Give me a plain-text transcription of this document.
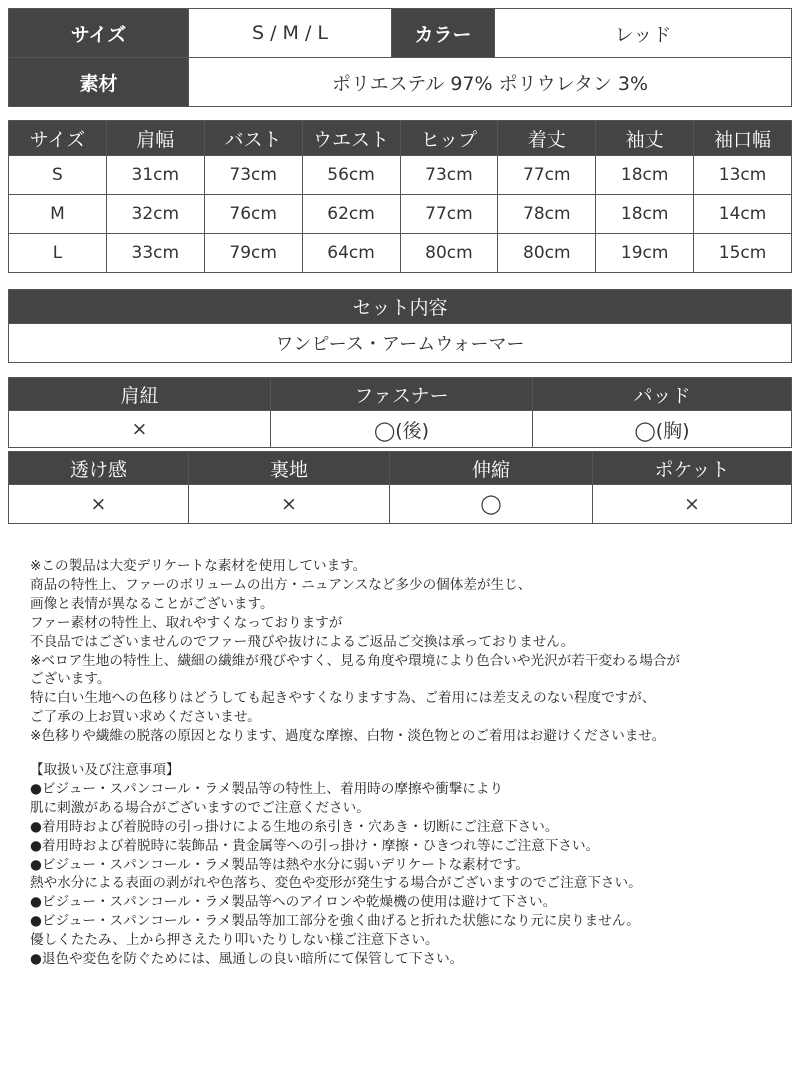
サイズ	S / M / L	カラー	レッド
素材	ポリエステル 97% ポリウレタン 3%		
サイズ	肩幅	バスト	ウエスト	ヒップ	着丈	袖丈	袖口幅
S	31cm	73cm	56cm	73cm	77cm	18cm	13cm
M	32cm	76cm	62cm	77cm	78cm	18cm	14cm
L	33cm	79cm	64cm	80cm	80cm	19cm	15cm
セット内容
ワンピース・アームウォーマー
肩紐	ファスナー	パッド
×	◯(後)	◯(胸)
透け感	裏地	伸縮	ポケット
×	×	◯	×
※この製品は大変デリケートな素材を使用しています。
商品の特性上、ファーのボリュームの出方・ニュアンスなど多少の個体差が生じ、
画像と表情が異なることがございます。
ファー素材の特性上、取れやすくなっておりますが
不良品ではございませんのでファー飛びや抜けによるご返品ご交換は承っておりません。
※ベロア生地の特性上、繊細の繊維が飛びやすく、見る角度や環境により色合いや光沢が若干変わる場合が
ございます。
特に白い生地への色移りはどうしても起きやすくなりますす為、ご着用には差支えのない程度ですが、
ご了承の上お買い求めくださいませ。
※色移りや繊維の脱落の原因となります、過度な摩擦、白物・淡色物とのご着用はお避けくださいませ。
【取扱い及び注意事項】
●ビジュー・スパンコール・ラメ製品等の特性上、着用時の摩擦や衝撃により
肌に刺激がある場合がございますのでご注意ください。
●着用時および着脱時の引っ掛けによる生地の糸引き・穴あき・切断にご注意下さい。
●着用時および着脱時に装飾品・貴金属等への引っ掛け・摩擦・ひきつれ等にご注意下さい。
●ビジュー・スパンコール・ラメ製品等は熱や水分に弱いデリケートな素材です。
熱や水分による表面の剥がれや色落ち、変色や変形が発生する場合がございますのでご注意下さい。
●ビジュー・スパンコール・ラメ製品等へのアイロンや乾燥機の使用は避けて下さい。
●ビジュー・スパンコール・ラメ製品等加工部分を強く曲げると折れた状態になり元に戻りません。
優しくたたみ、上から押さえたり叩いたりしない様ご注意下さい。
●退色や変色を防ぐためには、風通しの良い暗所にて保管して下さい。
